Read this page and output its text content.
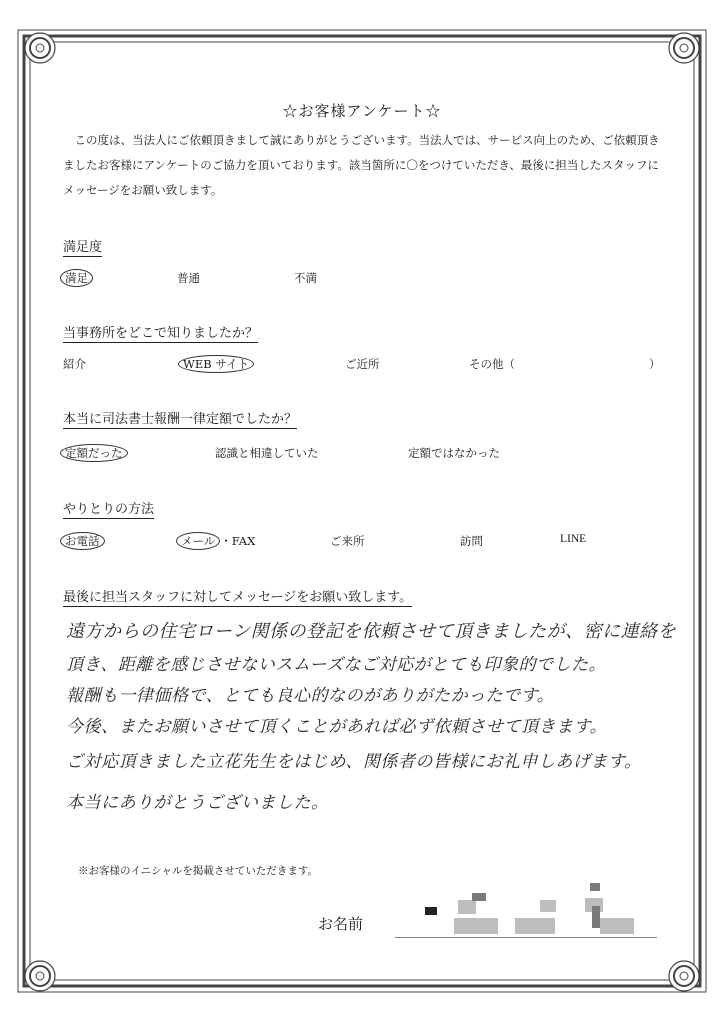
☆お客様アンケート☆
この度は、当法人にご依頼頂きまして誠にありがとうございます。当法人では、サービス向上のため、ご依頼頂きましたお客様にアンケートのご協力を頂いております。該当箇所に〇をつけていただき、最後に担当したスタッフにメッセージをお願い致します。
満足度
満足	普通	不満
当事務所をどこで知りましたか？
紹介	WEB サイト	ご近所	その他（	）
本当に司法書士報酬一律定額でしたか？
定額だった	認識と相違していた	定額ではなかった
やりとりの方法
お電話	メール ・FAX	ご来所	訪問	LINE
最後に担当スタッフに対してメッセージをお願い致します。
遠方からの住宅ローン関係の登記を依頼させて頂きましたが、密に連絡を
頂き、距離を感じさせないスムーズなご対応がとても印象的でした。
報酬も一律価格で、とても良心的なのがありがたかったです。
今後、またお願いさせて頂くことがあれば必ず依頼させて頂きます。
ご対応頂きました立花先生をはじめ、関係者の皆様にお礼申しあげます。
本当にありがとうございました。
※お客様のイニシャルを掲載させていただきます。
お名前
